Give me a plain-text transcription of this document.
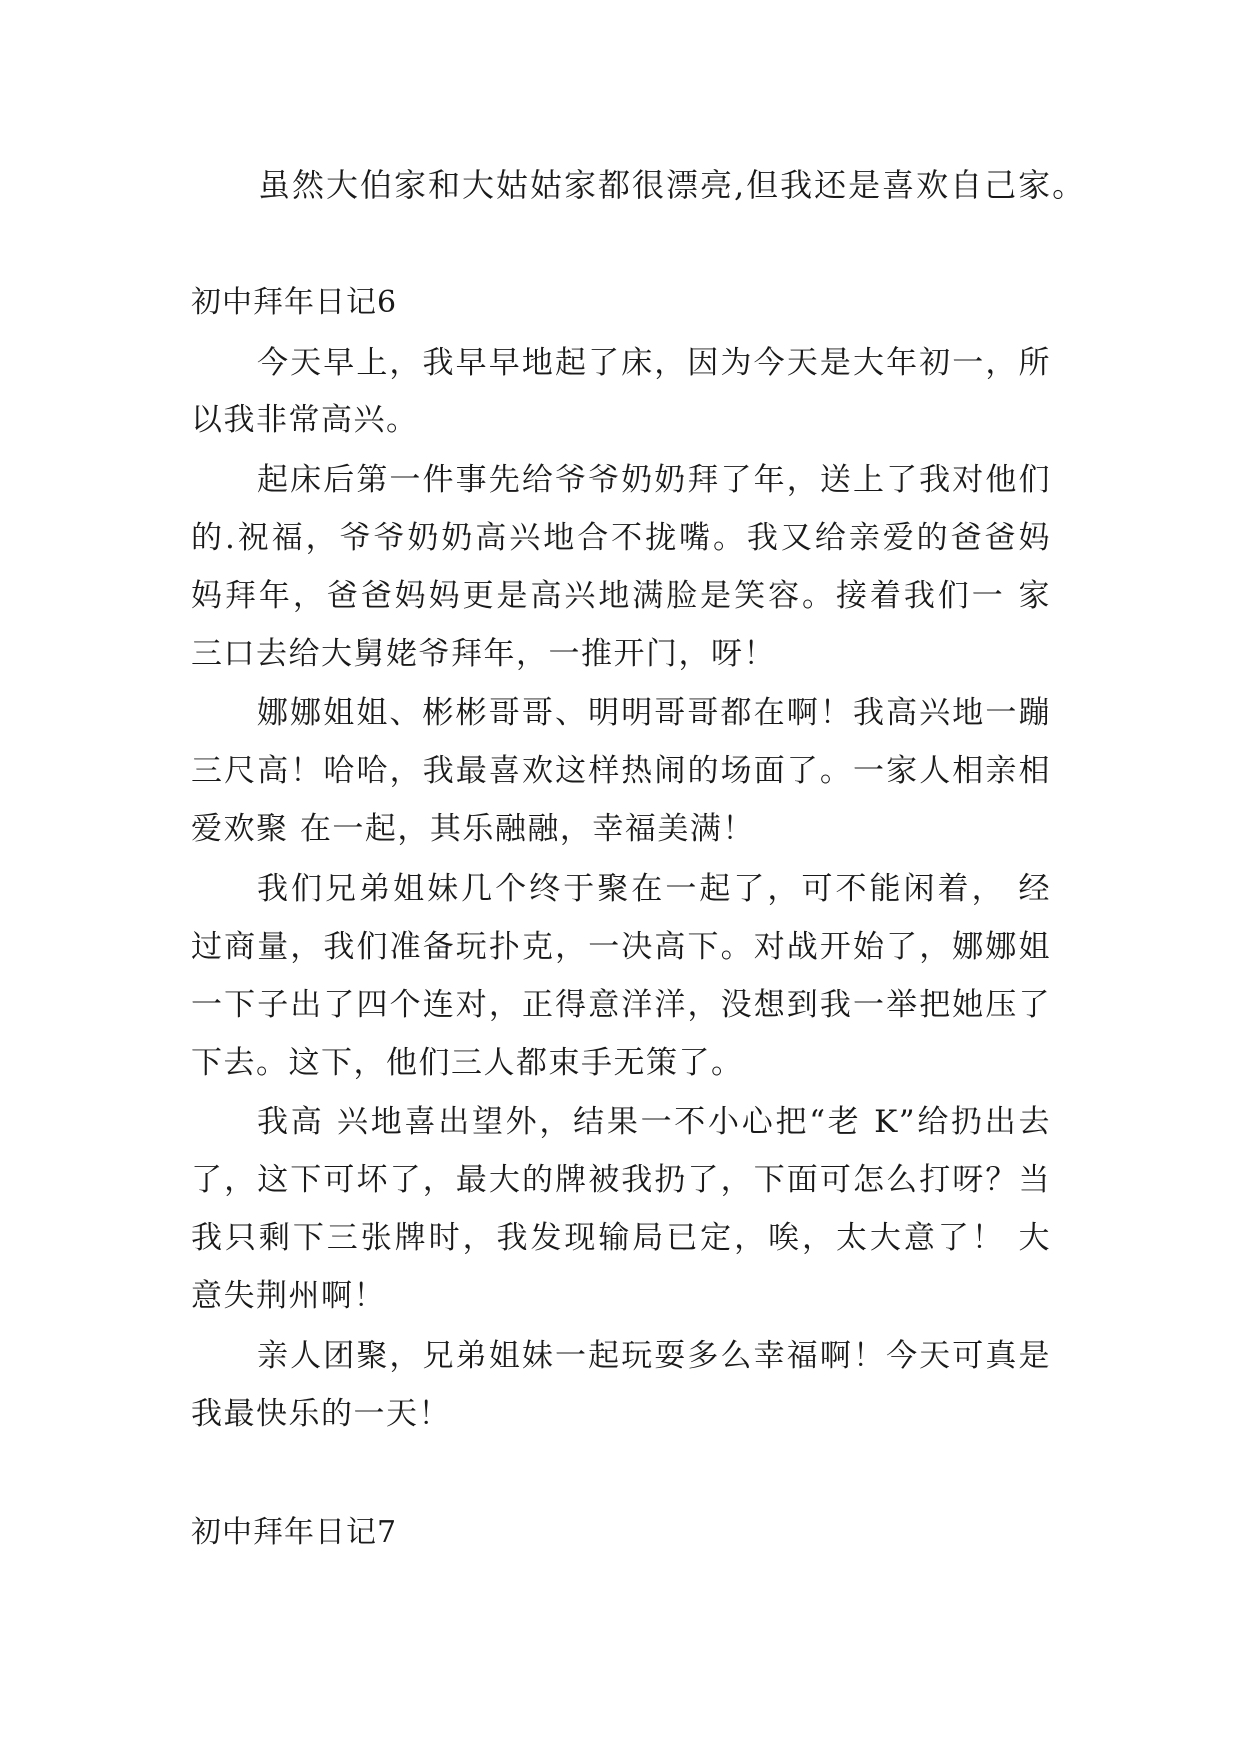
虽然大伯家和大姑姑家都很漂亮,但我还是喜欢自己家。
初中拜年日记6
今天早上，我早早地起了床，因为今天是大年初一，所
以我非常高兴。
起床后第一件事先给爷爷奶奶拜了年，送上了我对他们
的.祝福，爷爷奶奶高兴地合不拢嘴。我又给亲爱的爸爸妈
妈拜年，爸爸妈妈更是高兴地满脸是笑容。接着我们一 家
三口去给大舅姥爷拜年，一推开门，呀！
娜娜姐姐、彬彬哥哥、明明哥哥都在啊！我高兴地一蹦
三尺高！哈哈，我最喜欢这样热闹的场面了。一家人相亲相
爱欢聚 在一起，其乐融融，幸福美满！
我们兄弟姐妹几个终于聚在一起了，可不能闲着， 经
过商量，我们准备玩扑克，一决高下。对战开始了，娜娜姐
一下子出了四个连对，正得意洋洋，没想到我一举把她压了
下去。这下，他们三人都束手无策了。
我高 兴地喜出望外，结果一不小心把“老 K”给扔出去
了，这下可坏了，最大的牌被我扔了，下面可怎么打呀？当
我只剩下三张牌时，我发现输局已定，唉，太大意了！ 大
意失荆州啊！
亲人团聚，兄弟姐妹一起玩耍多么幸福啊！今天可真是
我最快乐的一天！
初中拜年日记7
